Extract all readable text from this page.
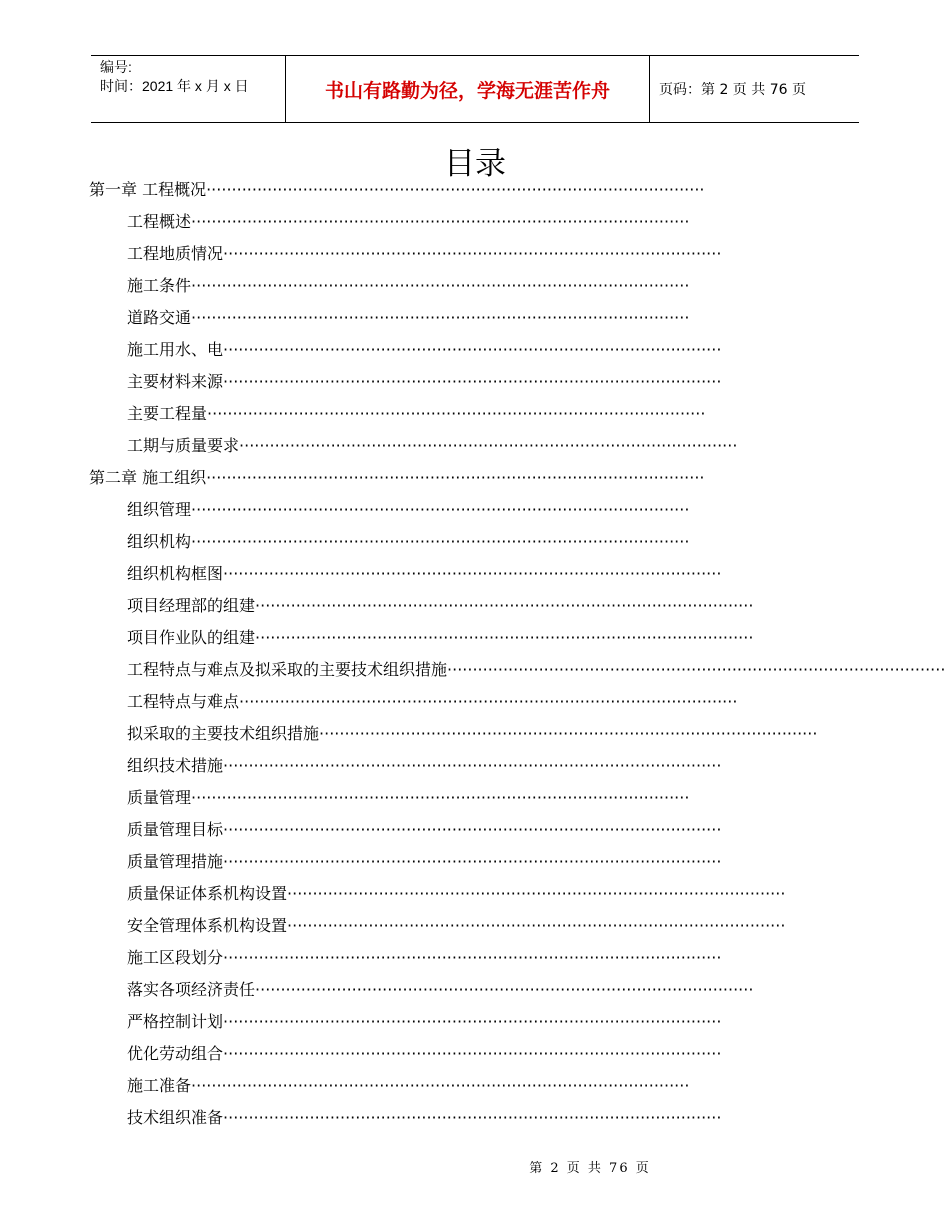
编号:
时间：2021 年 x 月 x 日	书山有路勤为径，学海无涯苦作舟	页码：第 2 页 共 76 页
目录
第一章 工程概况 ··································································································
工程概述 ··································································································
工程地质情况 ··································································································
施工条件 ··································································································
道路交通 ··································································································
施工用水、电 ··································································································
主要材料来源 ··································································································
主要工程量 ··································································································
工期与质量要求 ··································································································
第二章 施工组织 ··································································································
组织管理 ··································································································
组织机构 ··································································································
组织机构框图 ··································································································
项目经理部的组建 ··································································································
项目作业队的组建 ··································································································
工程特点与难点及拟采取的主要技术组织措施 ··································································································
工程特点与难点 ··································································································
拟采取的主要技术组织措施 ··································································································
组织技术措施 ··································································································
质量管理 ··································································································
质量管理目标 ··································································································
质量管理措施 ··································································································
质量保证体系机构设置 ··································································································
安全管理体系机构设置 ··································································································
施工区段划分 ··································································································
落实各项经济责任 ··································································································
严格控制计划 ··································································································
优化劳动组合 ··································································································
施工准备 ··································································································
技术组织准备 ··································································································
第 2 页 共 76 页
